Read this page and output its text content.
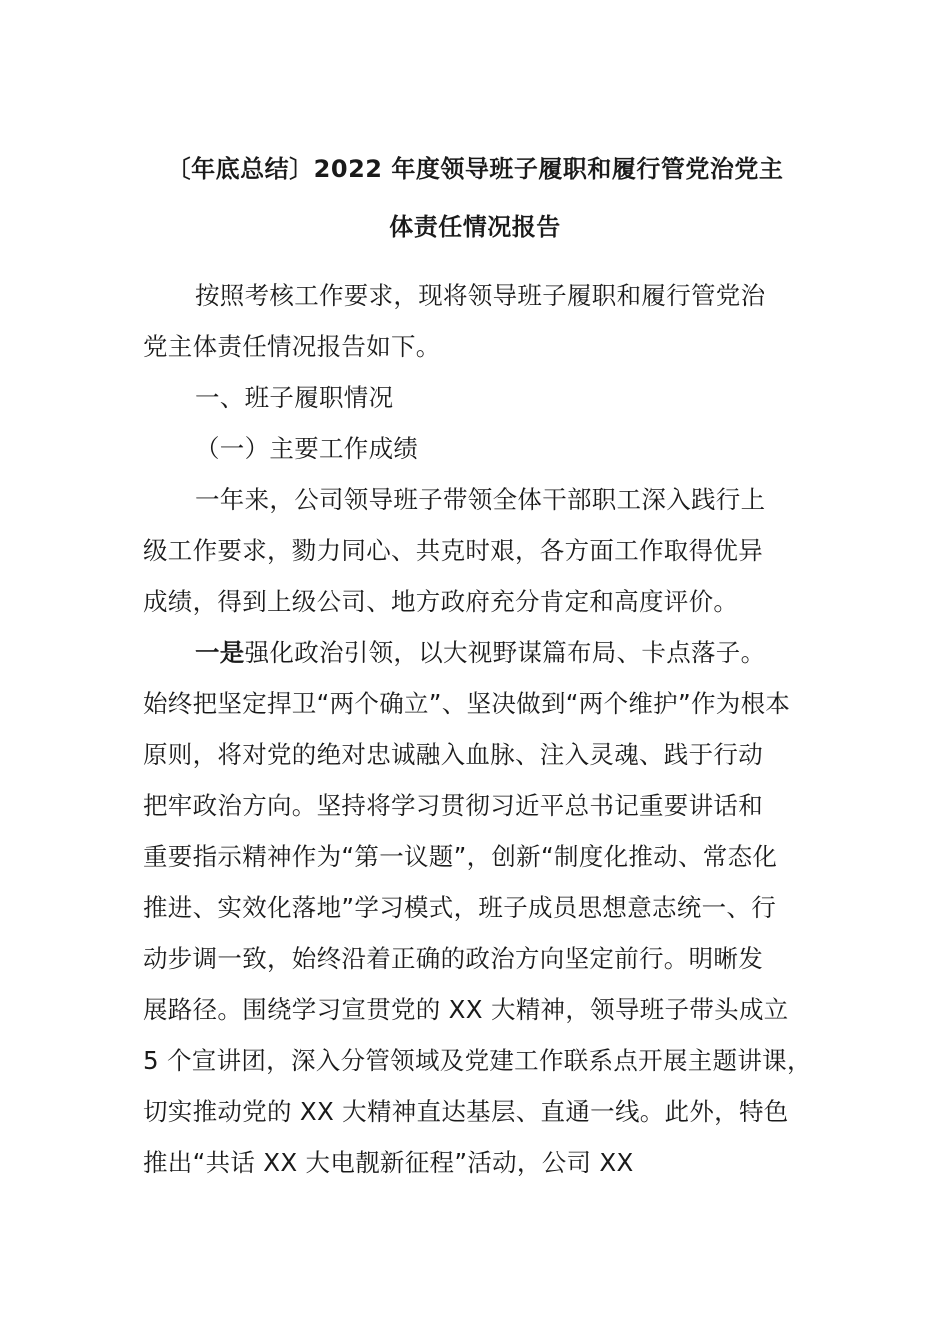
〔年底总结〕2022 年度领导班子履职和履行管党治党主
体责任情况报告
按照考核工作要求，现将领导班子履职和履行管党治
党主体责任情况报告如下。
一、班子履职情况
（一）主要工作成绩
一年来，公司领导班子带领全体干部职工深入践行上
级工作要求，勠力同心、共克时艰，各方面工作取得优异
成绩，得到上级公司、地方政府充分肯定和高度评价。
一是强化政治引领，以大视野谋篇布局、卡点落子。
始终把坚定捍卫“两个确立”、坚决做到“两个维护”作为根本
原则，将对党的绝对忠诚融入血脉、注入灵魂、践于行动
把牢政治方向。坚持将学习贯彻习近平总书记重要讲话和
重要指示精神作为“第一议题”，创新“制度化推动、常态化
推进、实效化落地”学习模式，班子成员思想意志统一、行
动步调一致，始终沿着正确的政治方向坚定前行。明晰发
展路径。围绕学习宣贯党的 XX 大精神，领导班子带头成立
5 个宣讲团，深入分管领域及党建工作联系点开展主题讲课，
切实推动党的 XX 大精神直达基层、直通一线。此外，特色
推出“共话 XX 大电靓新征程”活动，公司 XX
